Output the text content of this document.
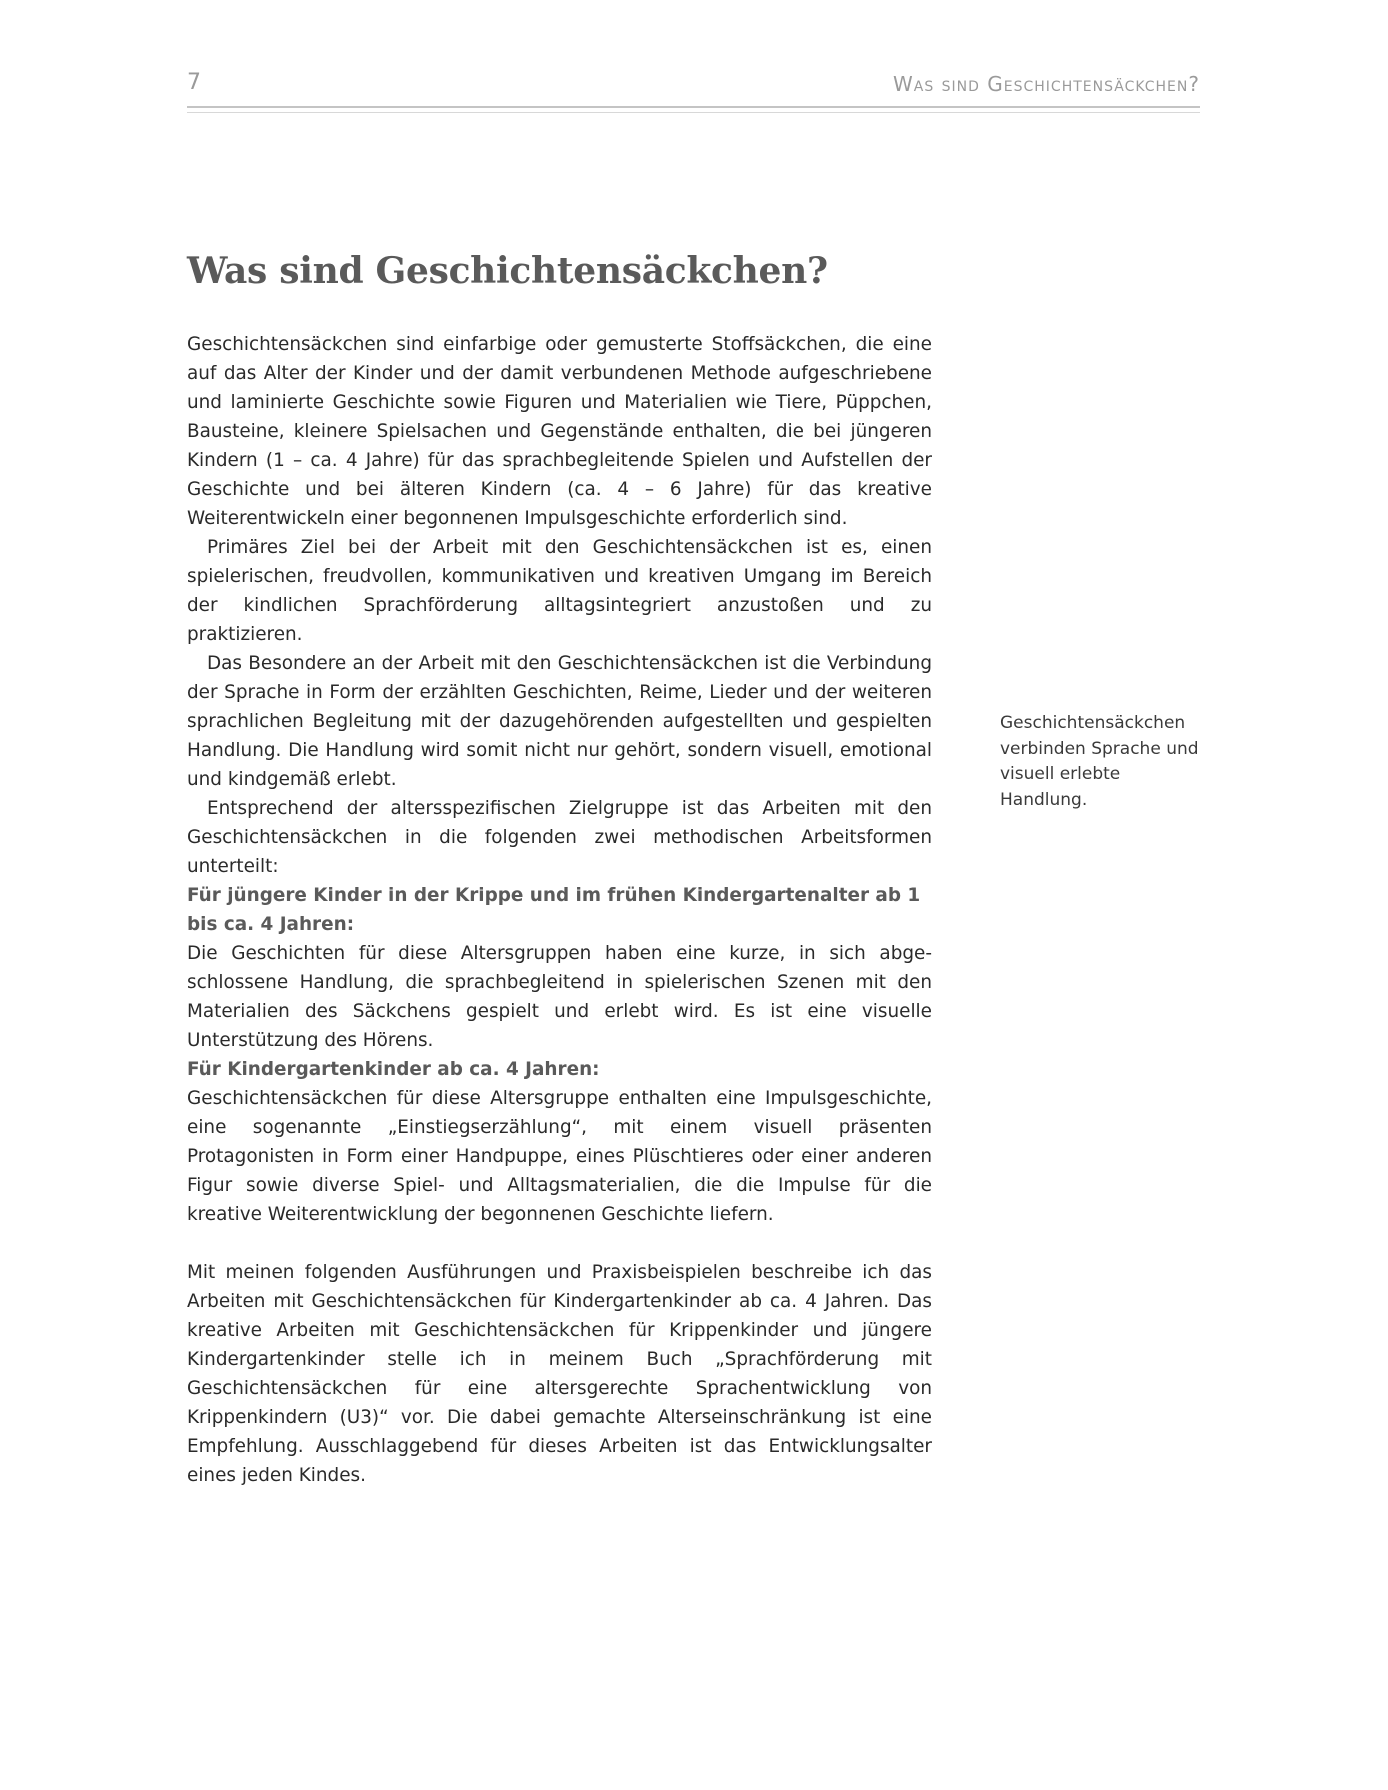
7	Was sind Geschichtensäckchen?
Was sind Geschichtensäckchen?

Geschichtensäckchen sind einfarbige oder gemusterte Stoffsäckchen, die eine auf das Alter der Kinder und der damit verbundenen Methode aufgeschriebene und laminierte Geschichte sowie Figuren und Materialien wie Tiere, Püppchen, Bausteine, kleinere Spielsachen und Gegenstände enthalten, die bei jüngeren Kindern (1 – ca. 4 Jahre) für das sprachbegleitende Spielen und Aufstellen der Geschichte und bei älteren Kindern (ca. 4 – 6 Jahre) für das kreative Weiterentwickeln einer begonnenen Impulsgeschichte erforderlich sind.

Primäres Ziel bei der Arbeit mit den Geschichtensäckchen ist es, einen spielerischen, freudvollen, kommunikativen und kreativen Umgang im Bereich der kindlichen Sprachförderung alltagsintegriert anzustoßen und zu praktizieren.

Das Besondere an der Arbeit mit den Geschichtensäckchen ist die Verbindung der Sprache in Form der erzählten Geschichten, Reime, Lieder und der weiteren sprachlichen Begleitung mit der dazugehörenden aufgestellten und gespielten Handlung. Die Handlung wird somit nicht nur gehört, sondern visuell, emotional und kindgemäß erlebt.

Entsprechend der altersspezifischen Zielgruppe ist das Arbeiten mit den Geschichtensäckchen in die folgenden zwei methodischen Arbeitsformen unterteilt:

Für jüngere Kinder in der Krippe und im frühen Kindergartenalter ab 1 bis ca. 4 Jahren:

Die Geschichten für diese Altersgruppen haben eine kurze, in sich abgeschlossene Handlung, die sprachbegleitend in spielerischen Szenen mit den Materialien des Säckchens gespielt und erlebt wird. Es ist eine visuelle Unterstützung des Hörens.

Für Kindergartenkinder ab ca. 4 Jahren:

Geschichtensäckchen für diese Altersgruppe enthalten eine Impulsgeschichte, eine sogenannte „Einstiegserzählung“, mit einem visuell präsenten Protagonisten in Form einer Handpuppe, eines Plüschtieres oder einer anderen Figur sowie diverse Spiel- und Alltagsmaterialien, die die Impulse für die kreative Weiterentwicklung der begonnenen Geschichte liefern.

Mit meinen folgenden Ausführungen und Praxisbeispielen beschreibe ich das Arbeiten mit Geschichtensäckchen für Kindergartenkinder ab ca. 4 Jahren. Das kreative Arbeiten mit Geschichtensäckchen für Krippenkinder und jüngere Kindergartenkinder stelle ich in meinem Buch „Sprachförderung mit Geschichtensäckchen für eine altersgerechte Sprachentwicklung von Krippenkindern (U3)“ vor. Die dabei gemachte Alterseinschränkung ist eine Empfehlung. Ausschlaggebend für dieses Arbeiten ist das Entwicklungsalter eines jeden Kindes.

Geschichtensäckchen verbinden Sprache und visuell erlebte Handlung.
